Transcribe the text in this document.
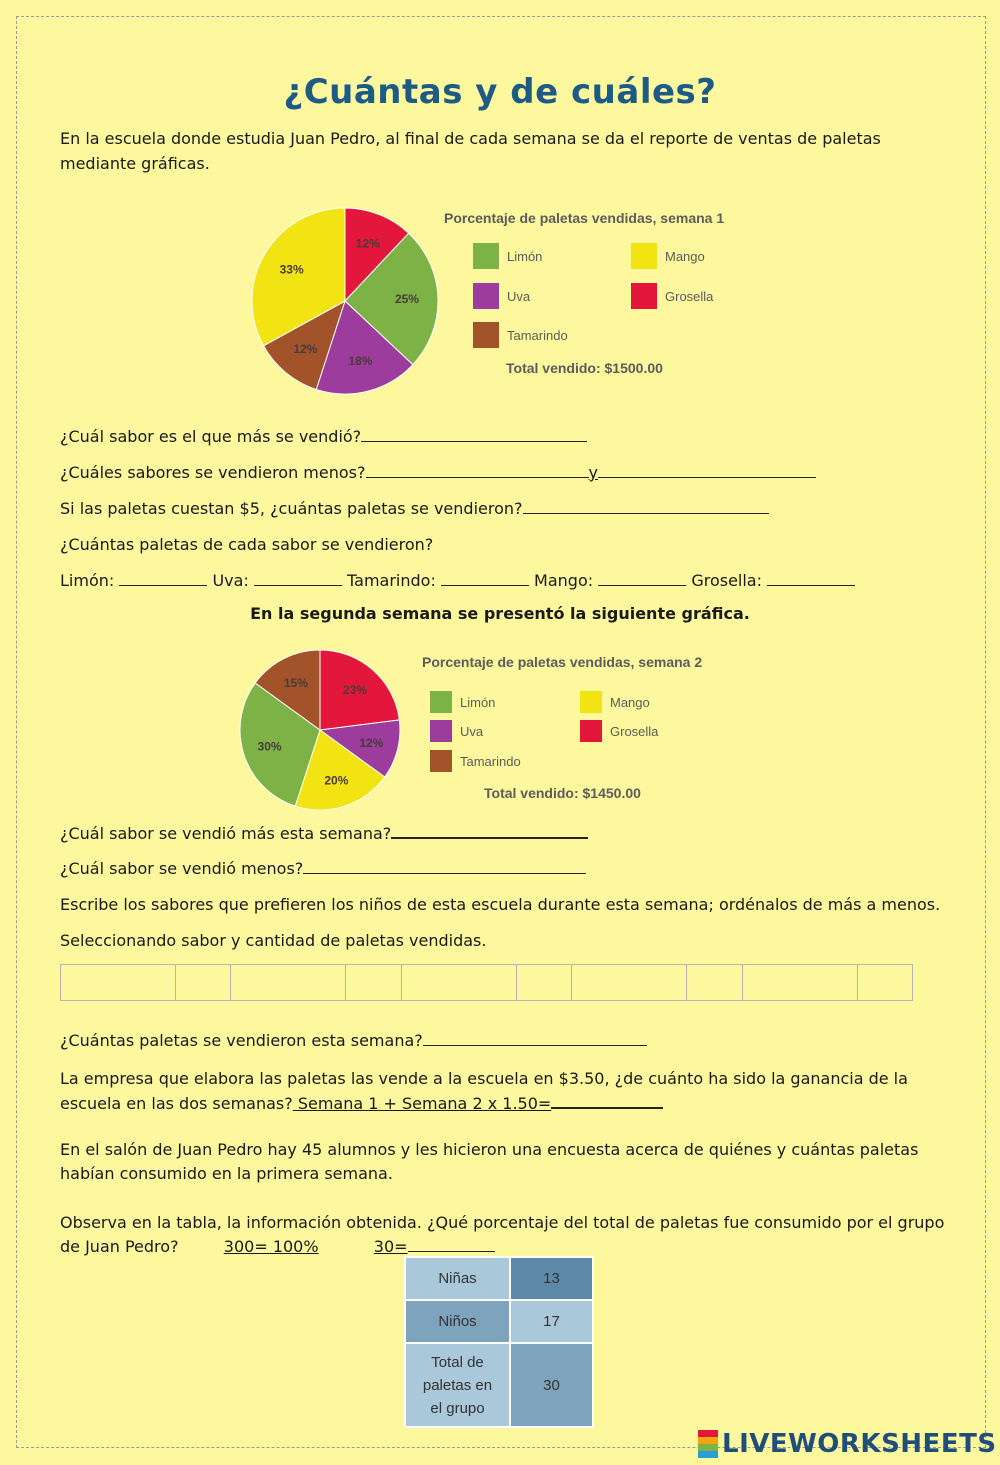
¿Cuántas y de cuáles?
En la escuela donde estudia Juan Pedro, al final de cada semana se da el reporte de ventas de paletas mediante gráficas.
12%
25%
18%
12%
33%
Porcentaje de paletas vendidas, semana 1
Limón	Mango
Uva	Grosella
Tamarindo
Total vendido: $1500.00
¿Cuál sabor es el que más se vendió?
¿Cuáles sabores se vendieron menos?	y
Si las paletas cuestan $5, ¿cuántas paletas se vendieron?
¿Cuántas paletas de cada sabor se vendieron?
Limón:	Uva:	Tamarindo:	Mango:	Grosella:
En la segunda semana se presentó la siguiente gráfica.
23%
12%
20%
30%
15%
Porcentaje de paletas vendidas, semana 2
Limón	Mango
Uva	Grosella
Tamarindo
Total vendido: $1450.00
¿Cuál sabor se vendió más esta semana?
¿Cuál sabor se vendió menos?
Escribe los sabores que prefieren los niños de esta escuela durante esta semana; ordénalos de más a menos.
Seleccionando sabor y cantidad de paletas vendidas.

¿Cuántas paletas se vendieron esta semana?
La empresa que elabora las paletas las vende a la escuela en $3.50, ¿de cuánto ha sido la ganancia de la
escuela en las dos semanas? Semana 1 + Semana 2 x 1.50=
En el salón de Juan Pedro hay 45 alumnos y les hicieron una encuesta acerca de quiénes y cuántas paletas
habían consumido en la primera semana.
Observa en la tabla, la información obtenida. ¿Qué porcentaje del total de paletas fue consumido por el grupo
de Juan Pedro?	300= 100%	30=
Niñas	13
Niños	17

Total de
paletas en
el grupo	30
LIVEWORKSHEETS
